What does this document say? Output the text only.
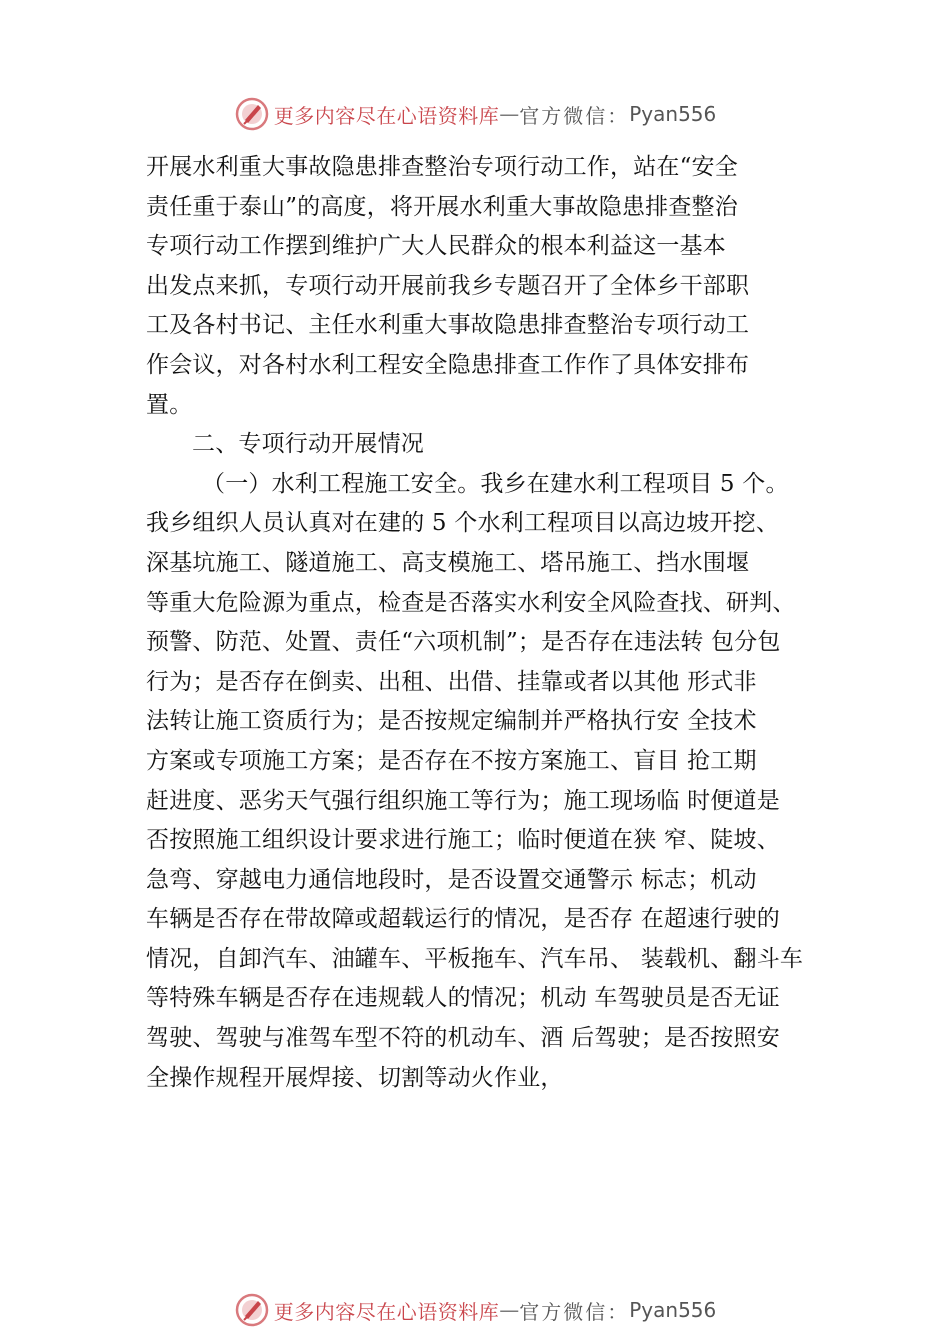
更多内容尽在心语资料库 — 官方微信： Pyan556
开展水利重大事故隐患排查整治专项行动工作，站在“安全
责任重于泰山”的高度，将开展水利重大事故隐患排查整治
专项行动工作摆到维护广大人民群众的根本利益这一基本
出发点来抓，专项行动开展前我乡专题召开了全体乡干部职
工及各村书记、主任水利重大事故隐患排查整治专项行动工
作会议，对各村水利工程安全隐患排查工作作了具体安排布
置。
二、专项行动开展情况
（一）水利工程施工安全。我乡在建水利工程项目 5 个。
我乡组织人员认真对在建的 5 个水利工程项目以高边坡开挖、
深基坑施工、隧道施工、高支模施工、塔吊施工、挡水围堰
等重大危险源为重点，检查是否落实水利安全风险查找、研判、
预警、防范、处置、责任“六项机制”；是否存在违法转 包分包
行为；是否存在倒卖、出租、出借、挂靠或者以其他 形式非
法转让施工资质行为；是否按规定编制并严格执行安 全技术
方案或专项施工方案；是否存在不按方案施工、盲目 抢工期
赶进度、恶劣天气强行组织施工等行为；施工现场临 时便道是
否按照施工组织设计要求进行施工；临时便道在狭 窄、陡坡、
急弯、穿越电力通信地段时，是否设置交通警示 标志；机动
车辆是否存在带故障或超载运行的情况，是否存 在超速行驶的
情况，自卸汽车、油罐车、平板拖车、汽车吊、 装载机、翻斗车
等特殊车辆是否存在违规载人的情况；机动 车驾驶员是否无证
驾驶、驾驶与准驾车型不符的机动车、酒 后驾驶；是否按照安
全操作规程开展焊接、切割等动火作业，
更多内容尽在心语资料库 — 官方微信： Pyan556
